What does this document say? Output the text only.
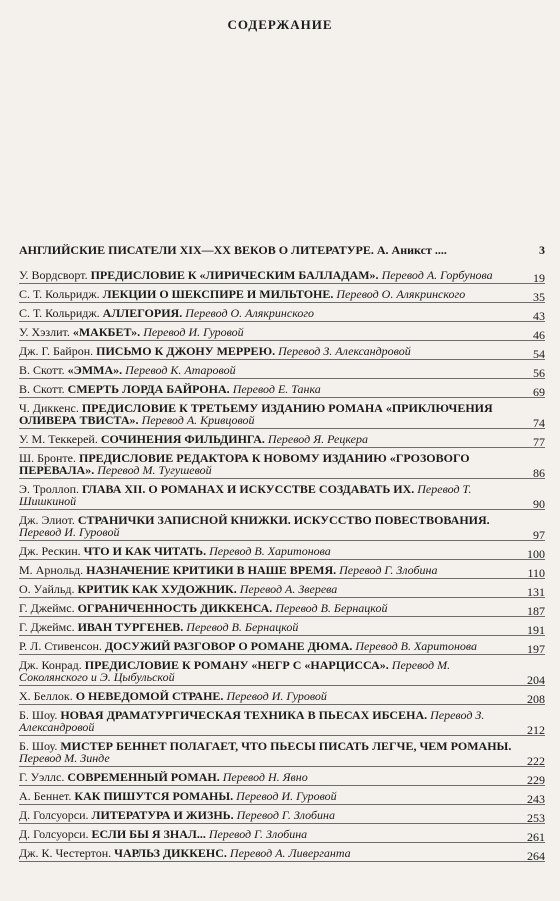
СОДЕРЖАНИЕ
АНГЛИЙСКИЕ ПИСАТЕЛИ XIX—XX ВЕКОВ О ЛИТЕРАТУРЕ. А. Аникст ....	3
У. Вордсворт. ПРЕДИСЛОВИЕ К «ЛИРИЧЕСКИМ БАЛЛАДАМ». Перевод А. Горбунова	19
С. Т. Кольридж. ЛЕКЦИИ О ШЕКСПИРЕ И МИЛЬТОНЕ. Перевод О. Алякринского	35
С. Т. Кольридж. АЛЛЕГОРИЯ. Перевод О. Алякринского	43
У. Хэзлит. «МАКБЕТ». Перевод И. Гуровой	46
Дж. Г. Байрон. ПИСЬМО К ДЖОНУ МЕРРЕЮ. Перевод З. Александровой	54
В. Скотт. «ЭММА». Перевод К. Атаровой	56
В. Скотт. СМЕРТЬ ЛОРДА БАЙРОНА. Перевод Е. Танка	69
Ч. Диккенс. ПРЕДИСЛОВИЕ К ТРЕТЬЕМУ ИЗДАНИЮ РОМАНА «ПРИКЛЮЧЕНИЯ ОЛИВЕРА ТВИСТА». Перевод А. Кривцовой	74
У. М. Теккерей. СОЧИНЕНИЯ ФИЛЬДИНГА. Перевод Я. Рецкера	77
Ш. Бронте. ПРЕДИСЛОВИЕ РЕДАКТОРА К НОВОМУ ИЗДАНИЮ «ГРОЗОВОГО ПЕРЕВАЛА». Перевод М. Тугушевой	86
Э. Троллоп. ГЛАВА XII. О РОМАНАХ И ИСКУССТВЕ СОЗДАВАТЬ ИХ. Перевод Т. Шишкиной	90
Дж. Элиот. СТРАНИЧКИ ЗАПИСНОЙ КНИЖКИ. ИСКУССТВО ПОВЕСТВОВАНИЯ. Перевод И. Гуровой	97
Дж. Рескин. ЧТО И КАК ЧИТАТЬ. Перевод В. Харитонова	100
М. Арнольд. НАЗНАЧЕНИЕ КРИТИКИ В НАШЕ ВРЕМЯ. Перевод Г. Злобина	110
О. Уайльд. КРИТИК КАК ХУДОЖНИК. Перевод А. Зверева	131
Г. Джеймс. ОГРАНИЧЕННОСТЬ ДИККЕНСА. Перевод В. Бернацкой	187
Г. Джеймс. ИВАН ТУРГЕНЕВ. Перевод В. Бернацкой	191
Р. Л. Стивенсон. ДОСУЖИЙ РАЗГОВОР О РОМАНЕ ДЮМА. Перевод В. Харитонова	197
Дж. Конрад. ПРЕДИСЛОВИЕ К РОМАНУ «НЕГР С «НАРЦИССА». Перевод М. Соколянского и Э. Цыбульской	204
Х. Беллок. О НЕВЕДОМОЙ СТРАНЕ. Перевод И. Гуровой	208
Б. Шоу. НОВАЯ ДРАМАТУРГИЧЕСКАЯ ТЕХНИКА В ПЬЕСАХ ИБСЕНА. Перевод З. Александровой	212
Б. Шоу. МИСТЕР БЕННЕТ ПОЛАГАЕТ, ЧТО ПЬЕСЫ ПИСАТЬ ЛЕГЧЕ, ЧЕМ РОМАНЫ. Перевод М. Зинде	222
Г. Уэллс. СОВРЕМЕННЫЙ РОМАН. Перевод Н. Явно	229
А. Беннет. КАК ПИШУТСЯ РОМАНЫ. Перевод И. Гуровой	243
Д. Голсуорси. ЛИТЕРАТУРА И ЖИЗНЬ. Перевод Г. Злобина	253
Д. Голсуорси. ЕСЛИ БЫ Я ЗНАЛ... Перевод Г. Злобина	261
Дж. К. Честертон. ЧАРЛЬЗ ДИККЕНС. Перевод А. Ливерганта	264
